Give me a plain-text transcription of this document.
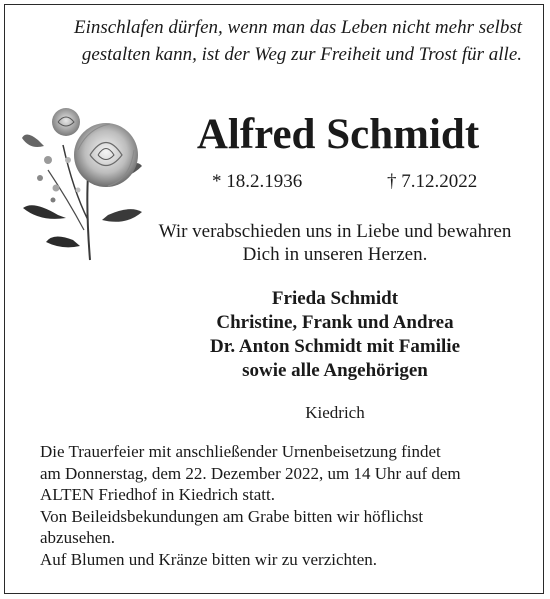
Einschlafen dürfen, wenn man das Leben nicht mehr selbst
gestalten kann, ist der Weg zur Freiheit und Trost für alle.
Alfred Schmidt
* 18.2.1936	† 7.12.2022
Wir verabschieden uns in Liebe und bewahren
Dich in unseren Herzen.
Frieda Schmidt
Christine, Frank und Andrea
Dr. Anton Schmidt mit Familie
sowie alle Angehörigen
Kiedrich
Die Trauerfeier mit anschließender Urnenbeisetzung findet
am Donnerstag, dem 22. Dezember 2022, um 14 Uhr auf dem
ALTEN Friedhof in Kiedrich statt.
Von Beileidsbekundungen am Grabe bitten wir höflichst
abzusehen.
Auf Blumen und Kränze bitten wir zu verzichten.
